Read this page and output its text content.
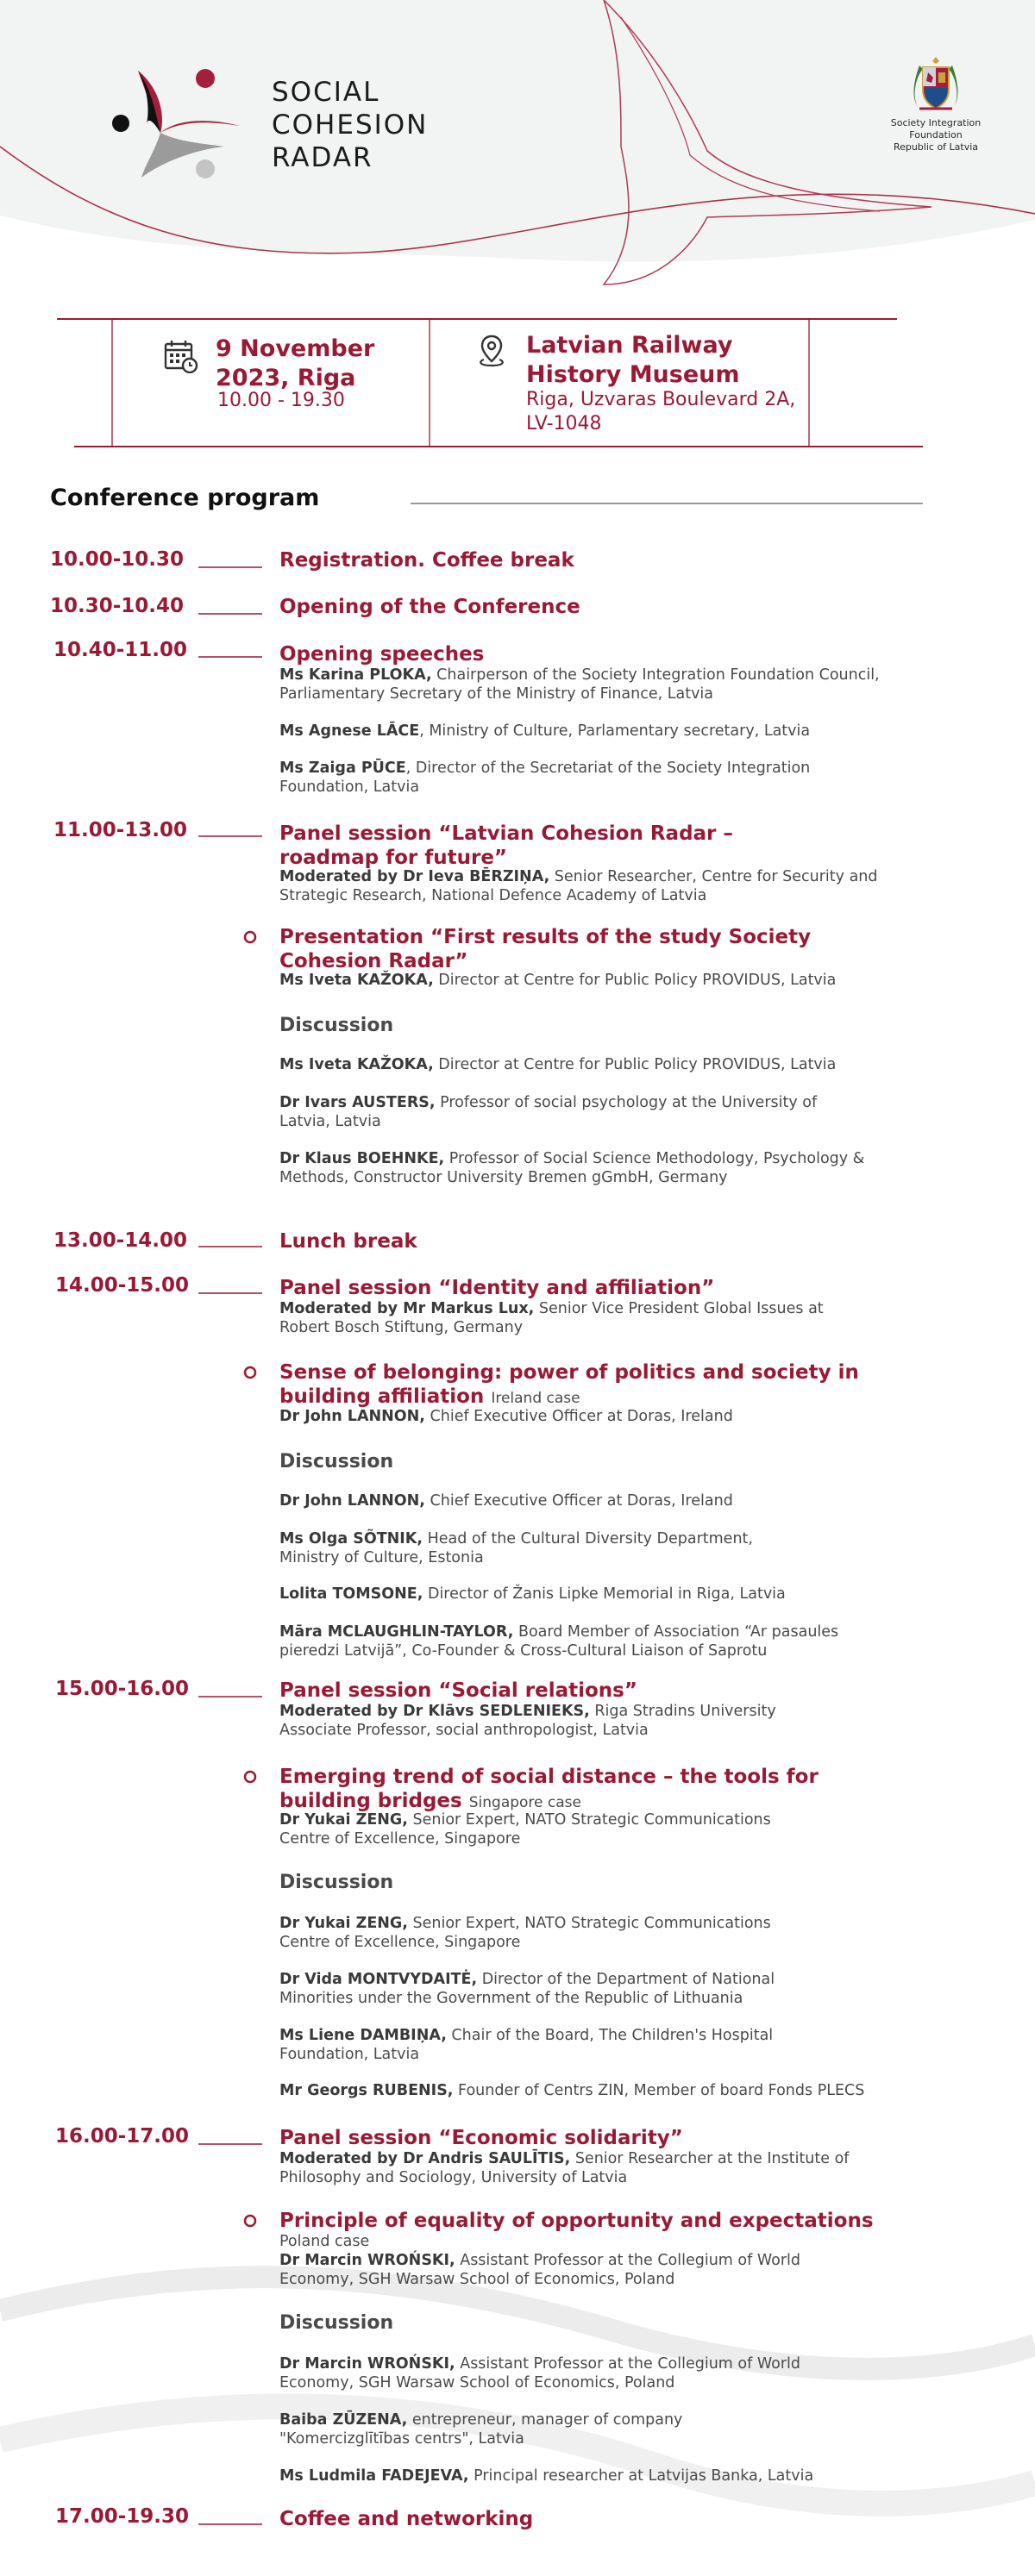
SOCIAL
COHESION
RADAR
Society Integration
Foundation
Republic of Latvia
9 November 2023, Riga
10.00 - 19.30
Latvian Railway History Museum
Riga, Uzvaras Boulevard 2A, LV-1048
Conference program
10.00-10.30	Registration. Coffee break
10.30-10.40	Opening of the Conference
10.40-11.00	Opening speeches
Ms Karina PLOKA, Chairperson of the Society Integration Foundation Council, Parliamentary Secretary of the Ministry of Finance, Latvia
Ms Agnese LĀCE, Ministry of Culture, Parlamentary secretary, Latvia
Ms Zaiga PŪCE, Director of the Secretariat of the Society Integration Foundation, Latvia
11.00-13.00	Panel session “Latvian Cohesion Radar – roadmap for future”
Moderated by Dr Ieva BĒRZIŅA, Senior Researcher, Centre for Security and Strategic Research, National Defence Academy of Latvia
Presentation “First results of the study Society Cohesion Radar”
Ms Iveta KAŽOKA, Director at Centre for Public Policy PROVIDUS, Latvia
Discussion
Ms Iveta KAŽOKA, Director at Centre for Public Policy PROVIDUS, Latvia
Dr Ivars AUSTERS, Professor of social psychology at the University of Latvia, Latvia
Dr Klaus BOEHNKE, Professor of Social Science Methodology, Psychology & Methods, Constructor University Bremen gGmbH, Germany
13.00-14.00	Lunch break
14.00-15.00	Panel session “Identity and affiliation”
Moderated by Mr Markus Lux, Senior Vice President Global Issues at Robert Bosch Stiftung, Germany
Sense of belonging: power of politics and society in building affiliation Ireland case
Dr John LANNON, Chief Executive Officer at Doras, Ireland
Discussion
Dr John LANNON, Chief Executive Officer at Doras, Ireland
Ms Olga SÕTNIK, Head of the Cultural Diversity Department, Ministry of Culture, Estonia
Lolita TOMSONE, Director of Žanis Lipke Memorial in Riga, Latvia
Māra MCLAUGHLIN-TAYLOR, Board Member of Association “Ar pasaules pieredzi Latvijā”, Co-Founder & Cross-Cultural Liaison of Saprotu
15.00-16.00	Panel session “Social relations”
Moderated by Dr Klāvs SEDLENIEKS, Riga Stradins University Associate Professor, social anthropologist, Latvia
Emerging trend of social distance – the tools for building bridges Singapore case
Dr Yukai ZENG, Senior Expert, NATO Strategic Communications Centre of Excellence, Singapore
Discussion
Dr Yukai ZENG, Senior Expert, NATO Strategic Communications Centre of Excellence, Singapore
Dr Vida MONTVYDAITĖ, Director of the Department of National Minorities under the Government of the Republic of Lithuania
Ms Liene DAMBIŅA, Chair of the Board, The Children's Hospital Foundation, Latvia
Mr Georgs RUBENIS, Founder of Centrs ZIN, Member of board Fonds PLECS
16.00-17.00	Panel session “Economic solidarity”
Moderated by Dr Andris SAULĪTIS, Senior Researcher at the Institute of Philosophy and Sociology, University of Latvia
Principle of equality of opportunity and expectations
Poland case
Dr Marcin WROŃSKI, Assistant Professor at the Collegium of World Economy, SGH Warsaw School of Economics, Poland
Discussion
Dr Marcin WROŃSKI, Assistant Professor at the Collegium of World Economy, SGH Warsaw School of Economics, Poland
Baiba ZŪZENA, entrepreneur, manager of company "Komercizglītības centrs", Latvia
Ms Ludmila FADEJEVA, Principal researcher at Latvijas Banka, Latvia
17.00-19.30	Coffee and networking
